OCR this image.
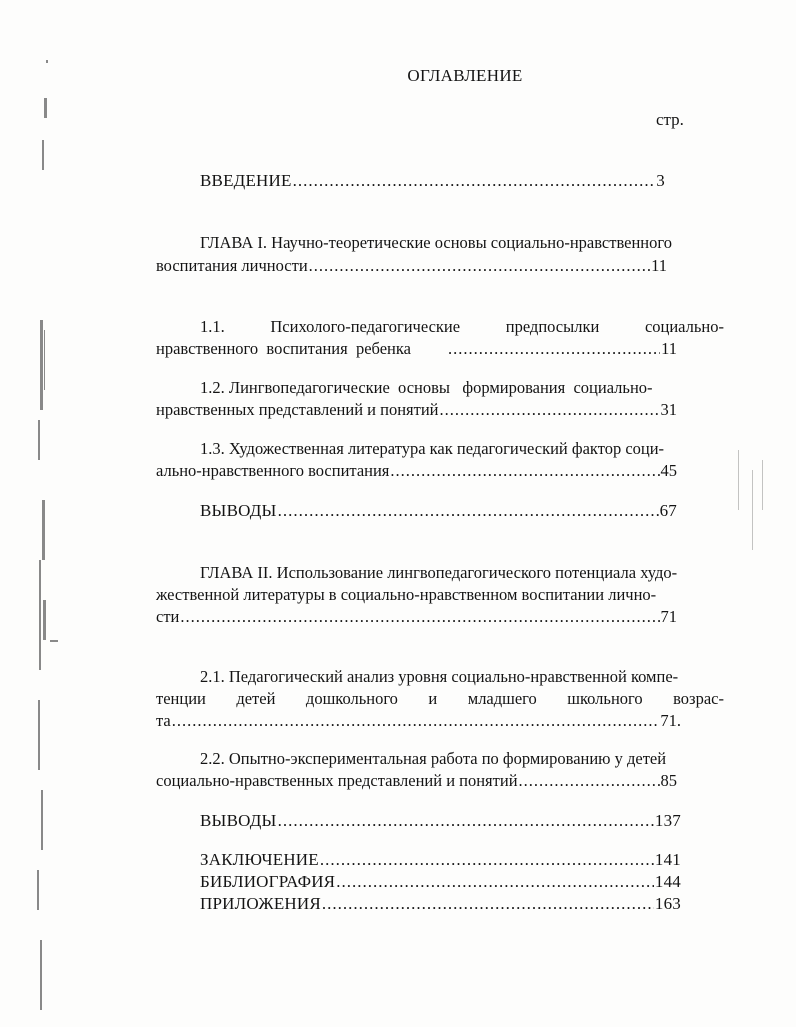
ОГЛАВЛЕНИЕ
стр.
ВВЕДЕНИЕ .....	3
ГЛАВА I. Научно-теоретические основы социально-нравственного
воспитания личности .....	11
1.1.	Психолого-педагогические	предпосылки	социально-
нравственного  воспитания  ребенка .....	11
1.2. Лингвопедагогические  основы   формирования  социально-
нравственных представлений и понятий .....	31
1.3. Художественная литература как педагогический фактор соци-
ально-нравственного воспитания .....	45
ВЫВОДЫ .....	67
ГЛАВА II. Использование лингвопедагогического потенциала худо-
жественной литературы в социально-нравственном воспитании личнo-
сти .....	71
2.1. Педагогический анализ уровня социально-нравственной компе-
тенции детей дошкольного и младшего школьного возрас-
та .....	71.
2.2. Опытно-экспериментальная работа по формированию у детей
социально-нравственных представлений и понятий .....	85
ВЫВОДЫ .....	137
ЗАКЛЮЧЕНИЕ .....	141
БИБЛИОГРАФИЯ .....	144
ПРИЛОЖЕНИЯ .....	163
